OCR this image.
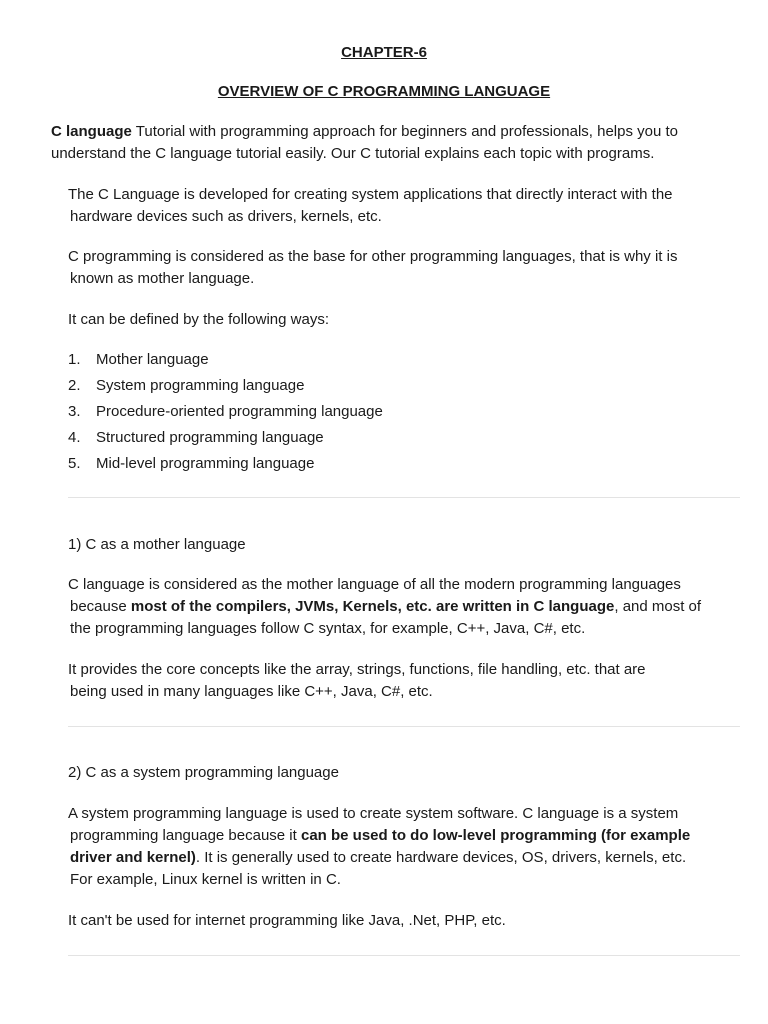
CHAPTER-6
OVERVIEW OF C PROGRAMMING LANGUAGE
C language Tutorial with programming approach for beginners and professionals, helps you to
understand the C language tutorial easily. Our C tutorial explains each topic with programs.
The C Language is developed for creating system applications that directly interact with the
hardware devices such as drivers, kernels, etc.
C programming is considered as the base for other programming languages, that is why it is
known as mother language.
It can be defined by the following ways:
1.	Mother language
2.	System programming language
3.	Procedure-oriented programming language
4.	Structured programming language
5.	Mid-level programming language
1) C as a mother language
C language is considered as the mother language of all the modern programming languages
because most of the compilers, JVMs, Kernels, etc. are written in C language, and most of
the programming languages follow C syntax, for example, C++, Java, C#, etc.
It provides the core concepts like the array, strings, functions, file handling, etc. that are
being used in many languages like C++, Java, C#, etc.
2) C as a system programming language
A system programming language is used to create system software. C language is a system
programming language because it can be used to do low-level programming (for example
driver and kernel). It is generally used to create hardware devices, OS, drivers, kernels, etc.
For example, Linux kernel is written in C.
It can't be used for internet programming like Java, .Net, PHP, etc.
